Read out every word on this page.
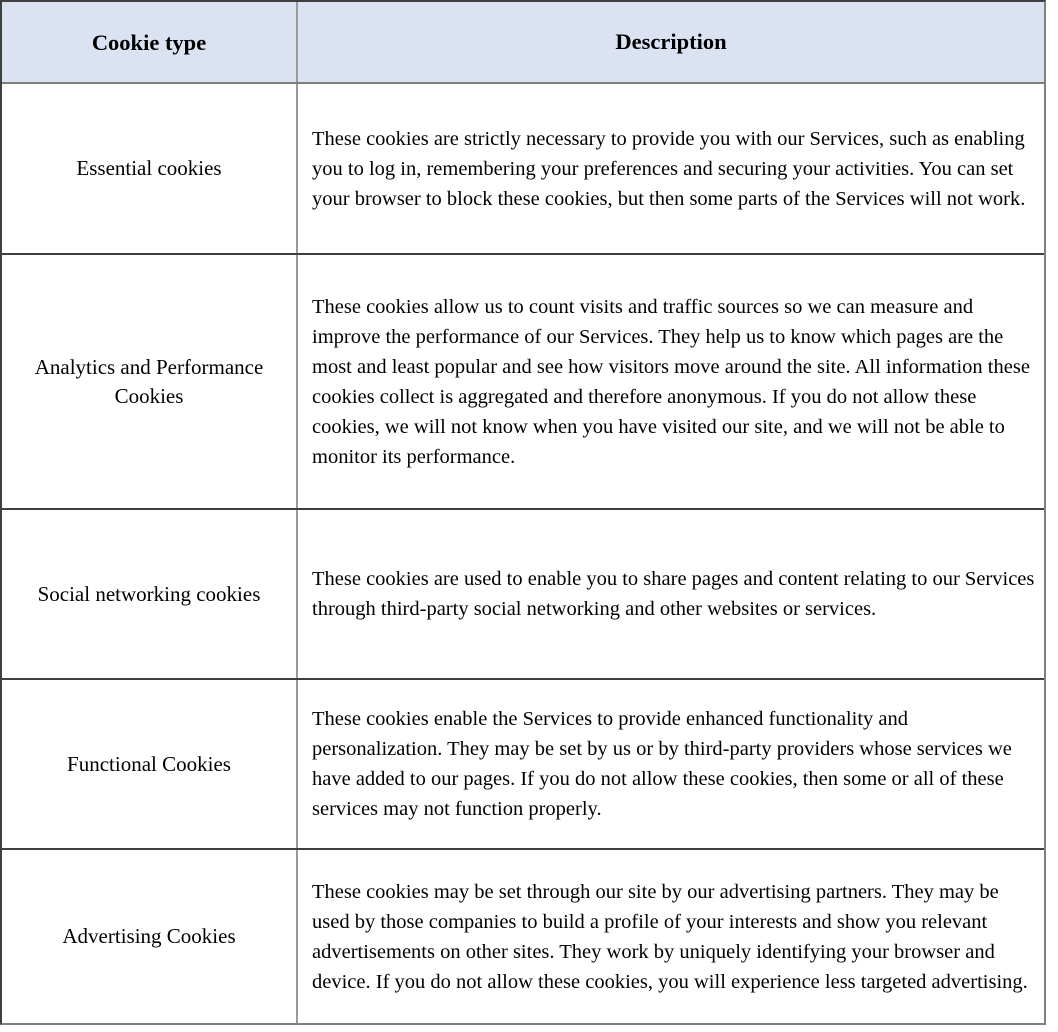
Cookie type	Description
Essential cookies
These cookies are strictly necessary to provide you with our Services, such as enabling you to log in, remembering your preferences and securing your activities. You can set your browser to block these cookies, but then some parts of the Services will not work.
Analytics and Performance Cookies
These cookies allow us to count visits and traffic sources so we can measure and improve the performance of our Services. They help us to know which pages are the most and least popular and see how visitors move around the site. All information these cookies collect is aggregated and therefore anonymous. If you do not allow these cookies, we will not know when you have visited our site, and we will not be able to monitor its performance.
Social networking cookies
These cookies are used to enable you to share pages and content relating to our Services through third-party social networking and other websites or services.
Functional Cookies
These cookies enable the Services to provide enhanced functionality and personalization. They may be set by us or by third-party providers whose services we have added to our pages. If you do not allow these cookies, then some or all of these services may not function properly.
Advertising Cookies
These cookies may be set through our site by our advertising partners. They may be used by those companies to build a profile of your interests and show you relevant advertisements on other sites. They work by uniquely identifying your browser and device. If you do not allow these cookies, you will experience less targeted advertising.
